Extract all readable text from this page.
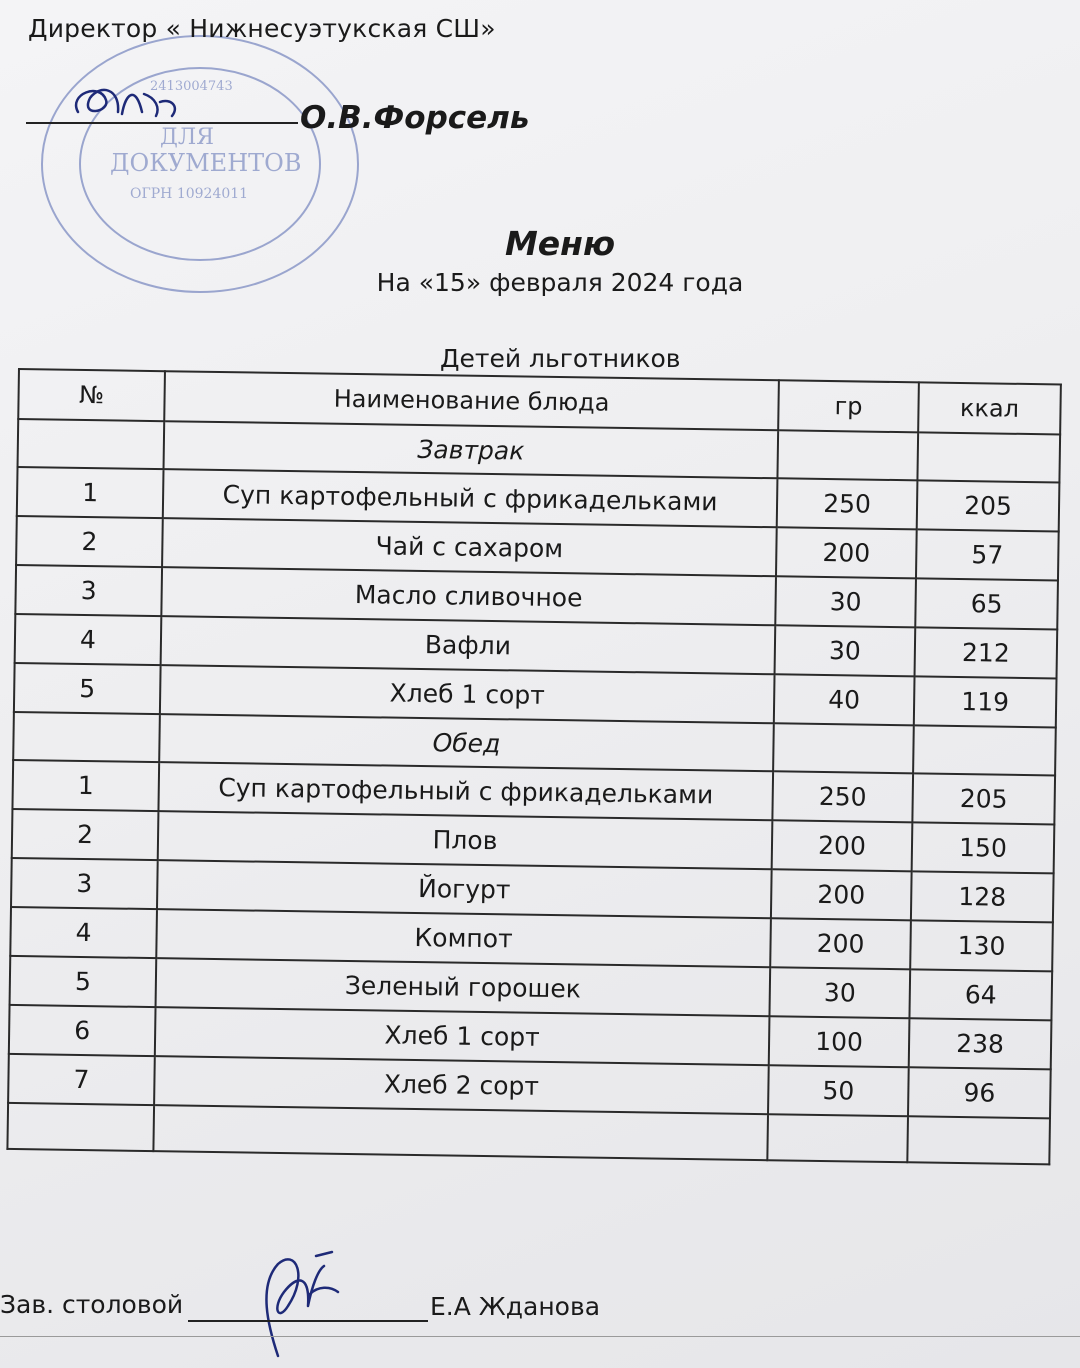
ДЛЯ
ДОКУМЕНТОВ
ОГРН 10924011
2413004743
Директор « Нижнесуэтукская СШ»
О.В.Форсель
Меню
На «15» февраля 2024 года
Детей льготников
№	Наименование блюда	гр	ккал
	Завтрак		
1	Суп картофельный с фрикадельками	250	205
2	Чай с сахаром	200	57
3	Масло сливочное	30	65
4	Вафли	30	212
5	Хлеб 1 сорт	40	119
	Обед		
1	Суп картофельный с фрикадельками	250	205
2	Плов	200	150
3	Йогурт	200	128
4	Компот	200	130
5	Зеленый горошек	30	64
6	Хлеб 1 сорт	100	238
7	Хлеб 2 сорт	50	96

Зав. столовой	Е.А Жданова
